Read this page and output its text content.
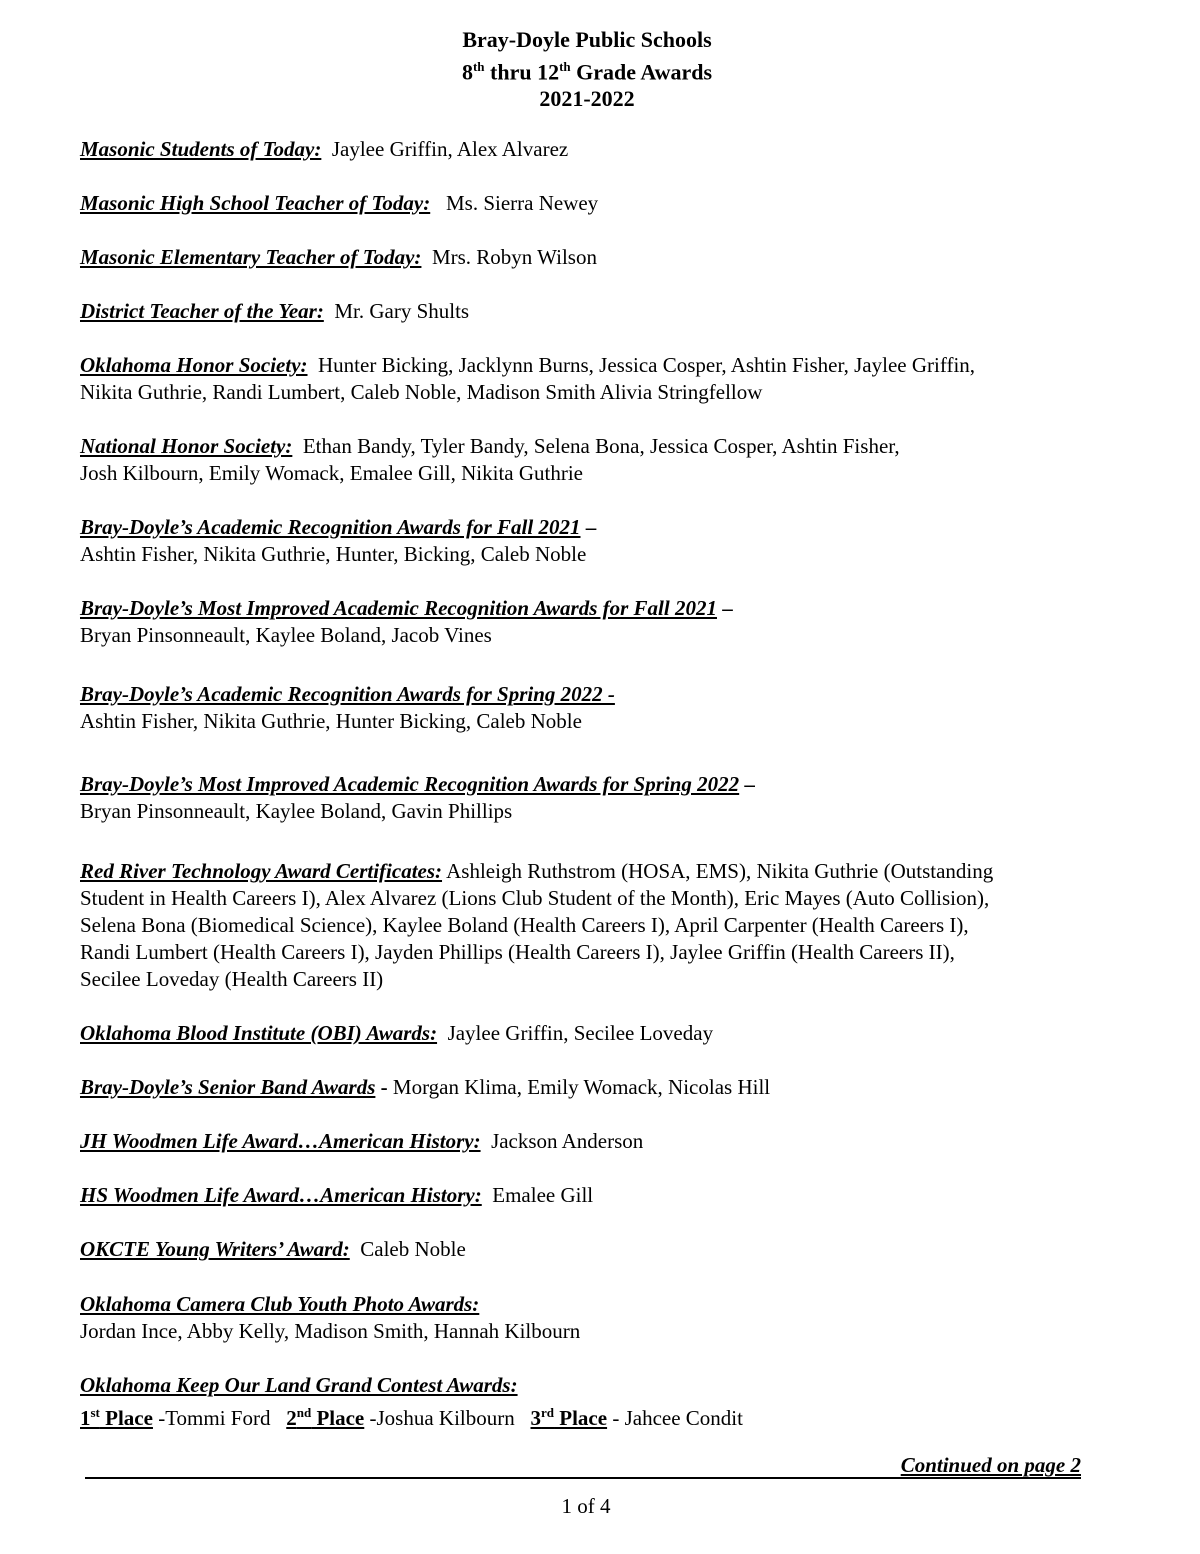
Bray-Doyle Public Schools
8th thru 12th Grade Awards
2021-2022
Masonic Students of Today: Jaylee Griffin, Alex Alvarez
Masonic High School Teacher of Today: Ms. Sierra Newey
Masonic Elementary Teacher of Today: Mrs. Robyn Wilson
District Teacher of the Year: Mr. Gary Shults
Oklahoma Honor Society: Hunter Bicking, Jacklynn Burns, Jessica Cosper, Ashtin Fisher, Jaylee Griffin,
Nikita Guthrie, Randi Lumbert, Caleb Noble, Madison Smith Alivia Stringfellow
National Honor Society: Ethan Bandy, Tyler Bandy, Selena Bona, Jessica Cosper, Ashtin Fisher,
Josh Kilbourn, Emily Womack, Emalee Gill, Nikita Guthrie
Bray-Doyle’s Academic Recognition Awards for Fall 2021 –
Ashtin Fisher, Nikita Guthrie, Hunter, Bicking, Caleb Noble
Bray-Doyle’s Most Improved Academic Recognition Awards for Fall 2021 –
Bryan Pinsonneault, Kaylee Boland, Jacob Vines
Bray-Doyle’s Academic Recognition Awards for Spring 2022 -
Ashtin Fisher, Nikita Guthrie, Hunter Bicking, Caleb Noble
Bray-Doyle’s Most Improved Academic Recognition Awards for Spring 2022 –
Bryan Pinsonneault, Kaylee Boland, Gavin Phillips
Red River Technology Award Certificates: Ashleigh Ruthstrom (HOSA, EMS), Nikita Guthrie (Outstanding
Student in Health Careers I), Alex Alvarez (Lions Club Student of the Month), Eric Mayes (Auto Collision),
Selena Bona (Biomedical Science), Kaylee Boland (Health Careers I), April Carpenter (Health Careers I),
Randi Lumbert (Health Careers I), Jayden Phillips (Health Careers I), Jaylee Griffin (Health Careers II),
Secilee Loveday (Health Careers II)
Oklahoma Blood Institute (OBI) Awards: Jaylee Griffin, Secilee Loveday
Bray-Doyle’s Senior Band Awards - Morgan Klima, Emily Womack, Nicolas Hill
JH Woodmen Life Award…American History: Jackson Anderson
HS Woodmen Life Award…American History: Emalee Gill
OKCTE Young Writers’ Award: Caleb Noble
Oklahoma Camera Club Youth Photo Awards:
Jordan Ince, Abby Kelly, Madison Smith, Hannah Kilbourn
Oklahoma Keep Our Land Grand Contest Awards:
1st Place -Tommi Ford   2nd Place -Joshua Kilbourn   3rd Place - Jahcee Condit
Continued on page 2
1 of 4
